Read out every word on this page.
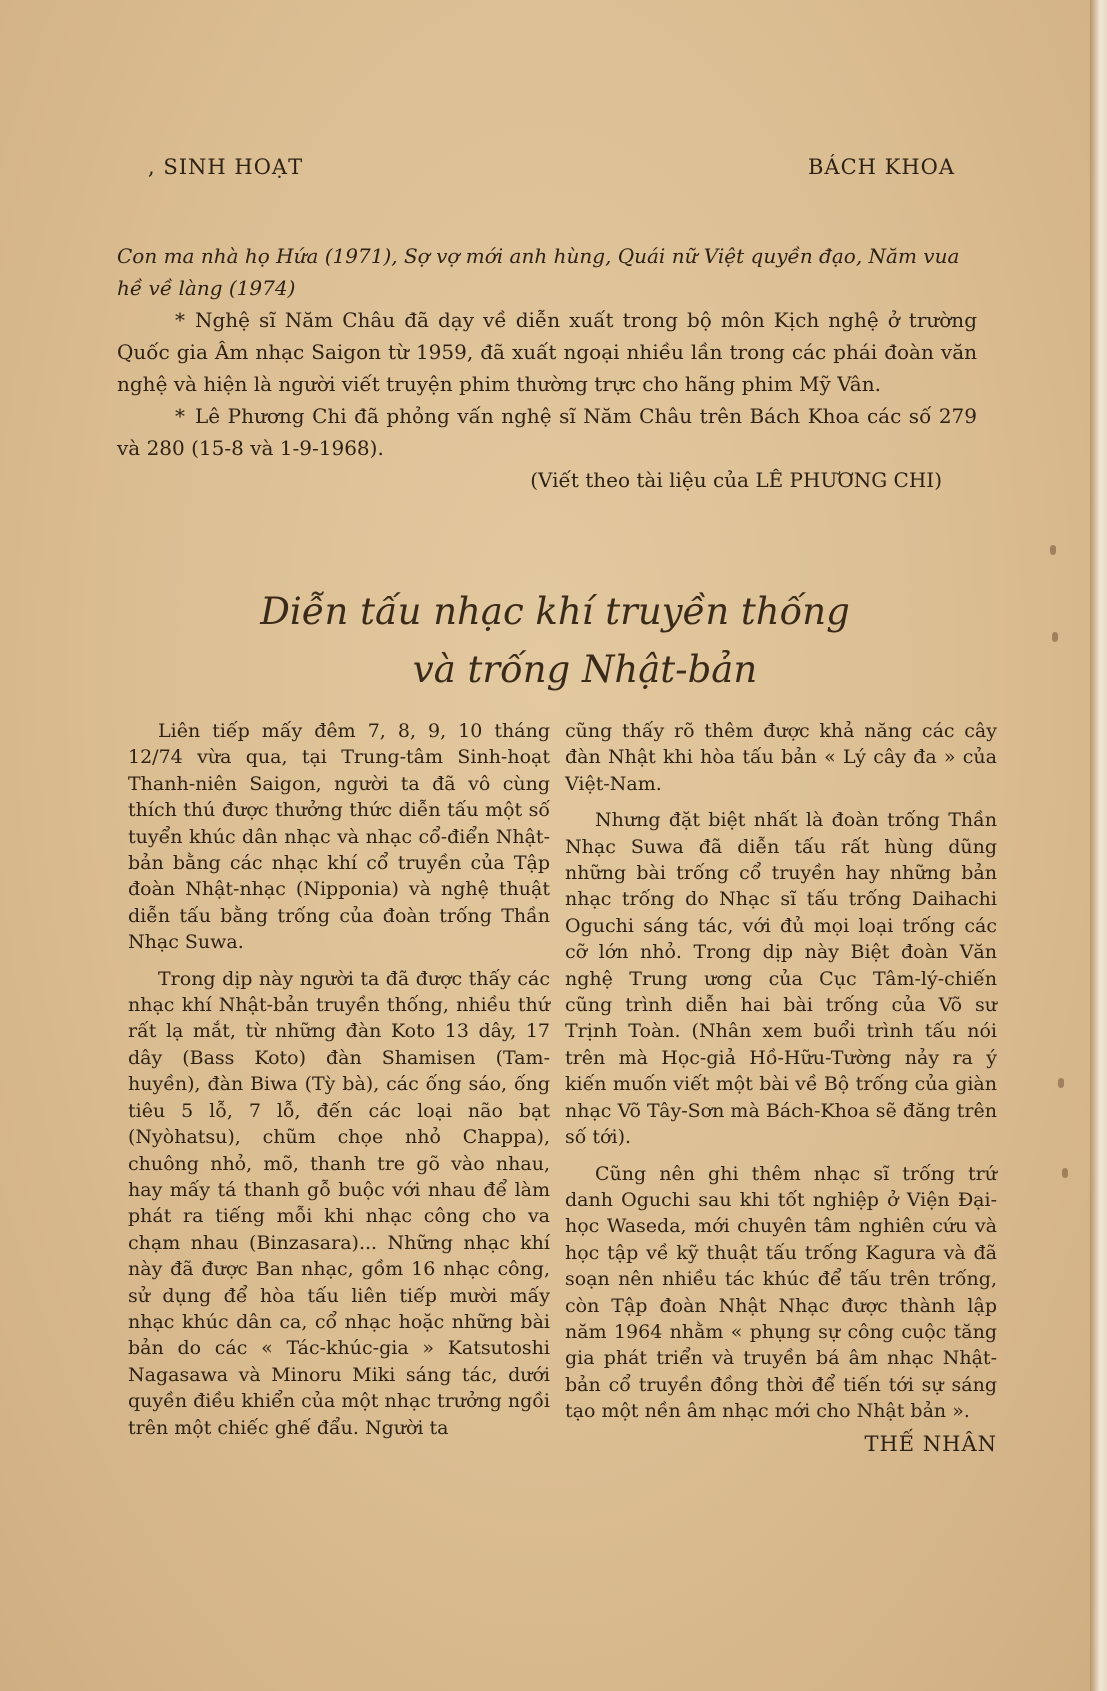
, SINH HOẠT	BÁCH KHOA

Con ma nhà họ Hứa (1971), Sợ vợ mới anh hùng, Quái nữ Việt quyền đạo, Năm vua hề về làng (1974)

* Nghệ sĩ Năm Châu đã dạy về diễn xuất trong bộ môn Kịch nghệ ở trường Quốc gia Âm nhạc Saigon từ 1959, đã xuất ngoại nhiều lần trong các phái đoàn văn nghệ và hiện là người viết truyện phim thường trực cho hãng phim Mỹ Vân.

* Lê Phương Chi đã phỏng vấn nghệ sĩ Năm Châu trên Bách Khoa các số 279 và 280 (15-8 và 1-9-1968).

(Viết theo tài liệu của LÊ PHƯƠNG CHI)

Diễn tấu nhạc khí truyền thống
và trống Nhật-bản

Liên tiếp mấy đêm 7, 8, 9, 10 tháng 12/74 vừa qua, tại Trung-tâm Sinh-hoạt Thanh-niên Saigon, người ta đã vô cùng thích thú được thưởng thức diễn tấu một số tuyển khúc dân nhạc và nhạc cổ-điển Nhật-bản bằng các nhạc khí cổ truyền của Tập đoàn Nhật-nhạc (Nipponia) và nghệ thuật diễn tấu bằng trống của đoàn trống Thần Nhạc Suwa.

Trong dịp này người ta đã được thấy các nhạc khí Nhật-bản truyền thống, nhiều thứ rất lạ mắt, từ những đàn Koto 13 dây, 17 dây (Bass Koto) đàn Shamisen (Tam-huyền), đàn Biwa (Tỳ bà), các ống sáo, ống tiêu 5 lỗ, 7 lỗ, đến các loại não bạt (Nyòhatsu), chũm chọe nhỏ Chappa), chuông nhỏ, mõ, thanh tre gõ vào nhau, hay mấy tá thanh gỗ buộc với nhau để làm phát ra tiếng mỗi khi nhạc công cho va chạm nhau (Binzasara)... Những nhạc khí này đã được Ban nhạc, gồm 16 nhạc công, sử dụng để hòa tấu liên tiếp mười mấy nhạc khúc dân ca, cổ nhạc hoặc những bài bản do các « Tác-khúc-gia » Katsutoshi Nagasawa và Minoru Miki sáng tác, dưới quyền điều khiển của một nhạc trưởng ngồi trên một chiếc ghế đẩu. Người ta

cũng thấy rõ thêm được khả năng các cây đàn Nhật khi hòa tấu bản « Lý cây đa » của Việt-Nam.

Nhưng đặt biệt nhất là đoàn trống Thần Nhạc Suwa đã diễn tấu rất hùng dũng những bài trống cổ truyền hay những bản nhạc trống do Nhạc sĩ tấu trống Daihachi Oguchi sáng tác, với đủ mọi loại trống các cỡ lớn nhỏ. Trong dịp này Biệt đoàn Văn nghệ Trung ương của Cục Tâm-lý-chiến cũng trình diễn hai bài trống của Võ sư Trịnh Toàn. (Nhân xem buổi trình tấu nói trên mà Học-giả Hồ-Hữu-Tường nảy ra ý kiến muốn viết một bài về Bộ trống của giàn nhạc Võ Tây-Sơn mà Bách-Khoa sẽ đăng trên số tới).

Cũng nên ghi thêm nhạc sĩ trống trứ danh Oguchi sau khi tốt nghiệp ở Viện Đại-học Waseda, mới chuyên tâm nghiên cứu và học tập về kỹ thuật tấu trống Kagura và đã soạn nên nhiều tác khúc để tấu trên trống, còn Tập đoàn Nhật Nhạc được thành lập năm 1964 nhằm « phụng sự công cuộc tăng gia phát triển và truyền bá âm nhạc Nhật-bản cổ truyền đồng thời để tiến tới sự sáng tạo một nền âm nhạc mới cho Nhật bản ».

THẾ NHÂN
